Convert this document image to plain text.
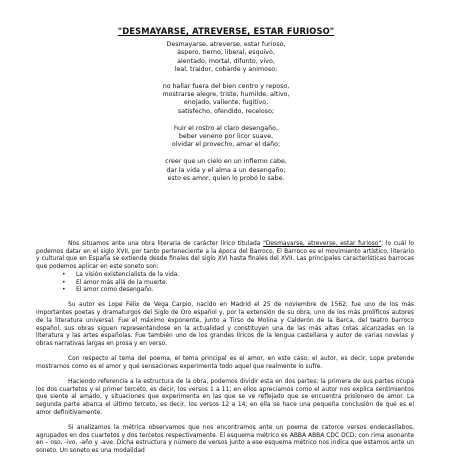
"DESMAYARSE, ATREVERSE, ESTAR FURIOSO"
Desmayarse, atreverse, estar furioso,
áspero, tierno, liberal, esquivo,
alentado, mortal, difunto, vivo,
leal, traidor, cobarde y animoso;
no hallar fuera del bien centro y reposo,
mostrarse alegre, triste, humilde, altivo,
enojado, valiente, fugitivo,
satisfecho, ofendido, receloso;
huir el rostro al claro desengaño,
beber veneno por licor suave,
olvidar el provecho, amar el daño;
creer que un cielo en un infierno cabe,
dar la vida y el alma a un desengaño;
esto es amor, quien lo probó lo sabe.

Nos situamos ante una obra literaria de carácter lírico titulada "Desmayarse, atreverse, estar furioso"; lo cuál lo podemos datar en el siglo XVII, por tanto perteneciente a la época del Barroco. El Barroco es el movimiento artístico, literario y cultural que en España se extiende desde finales del siglo XVI hasta finales del XVII. Las principales características barrocas que podemos aplicar en este soneto son:

• La visión existencialista de la vida.
• El amor más allá de la muerte.
• El amor como desengaño.

Su autor es Lope Félix de Vega Carpio, nacido en Madrid el 25 de noviembre de 1562; fue uno de los más importantes poetas y dramaturgos del Siglo de Oro español y, por la extensión de su obra, uno de los más prolíficos autores de la literatura universal. Fue el máximo exponente, junto a Tirso de Molina y Calderón de la Barca, del teatro barroco español, sus obras siguen representándose en la actualidad y constituyen una de las más altas cotas alcanzadas en la literatura y las artes españolas. Fue también uno de los grandes líricos de la lengua castellana y autor de varias novelas y obras narrativas largas en prosa y en verso.

Con respecto al tema del poema, el tema principal es el amor, en este caso; el autor, es decir, Lope pretende mostrarnos como es el amor y qué sensaciones experimenta todo aquel que realmente lo sufre.

Haciendo referencia a la estructura de la obra, podemos dividir esta en dos partes; la primera de sus partes ocupa los dos cuartetos y el primer terceto, es decir, los versos 1 a 11; en ellos apreciamos como el autor nos explica sentimientos que siente al amado, y situaciones que experimenta en las que se ve reflejado que se encuentra prisionero de amor. La segunda parte abarca el último terceto, es decir, los versos 12 a 14; en ella se hace una pequeña conclusión de qué es el amor definitivamente.

Si analizamos la métrica observamos que nos encontramos ante un poema de catorce versos endecasílabos, agrupados en dos cuartetos y dos tercetos respectivamente. El esquema métrico es ABBA ABBA CDC DCD; con rima asonante en – oso, -ivo, -año y -ave. Dicha estructura y número de versos junto a ese esquema métrico nos indica que estamos ante un soneto. Un soneto es una modalidad
